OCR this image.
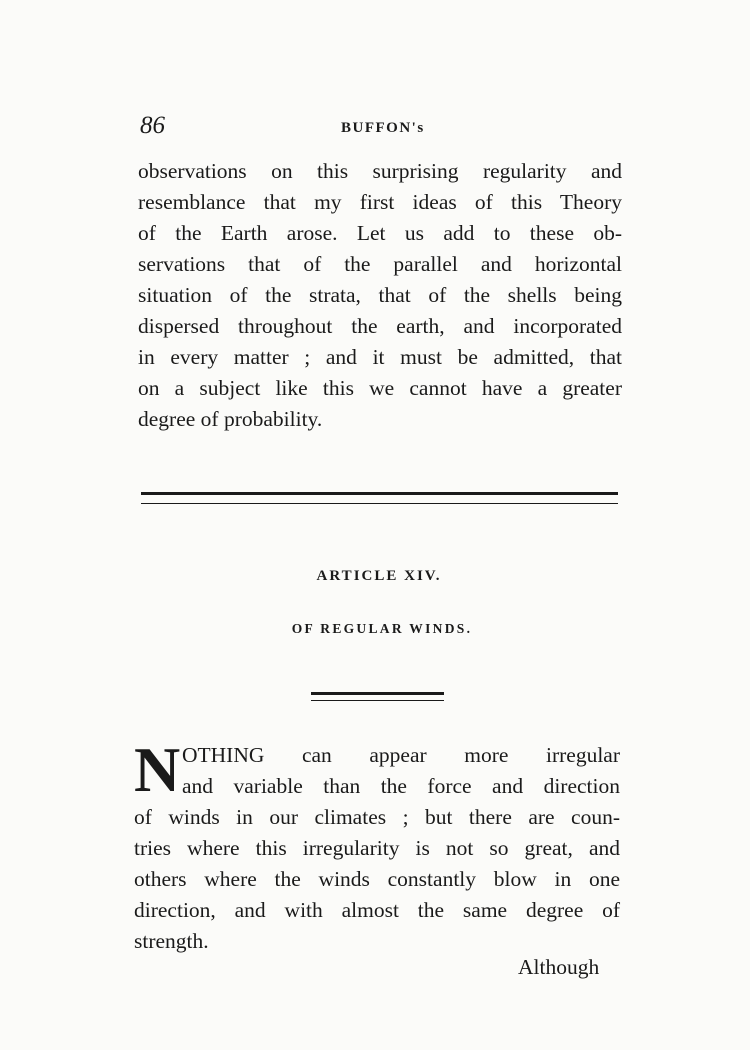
86	BUFFON's
observations on this surprising regularity and
resemblance that my first ideas of this Theory
of the Earth arose. Let us add to these ob-
servations that of the parallel and horizontal
situation of the strata, that of the shells being
dispersed throughout the earth, and incorporated
in every matter ; and it must be admitted, that
on a subject like this we cannot have a greater
degree of probability.
ARTICLE XIV.
OF REGULAR WINDS.
N OTHING can appear more irregular
and variable than the force and direction
of winds in our climates ; but there are coun-
tries where this irregularity is not so great, and
others where the winds constantly blow in one
direction, and with almost the same degree of
strength.
Although
